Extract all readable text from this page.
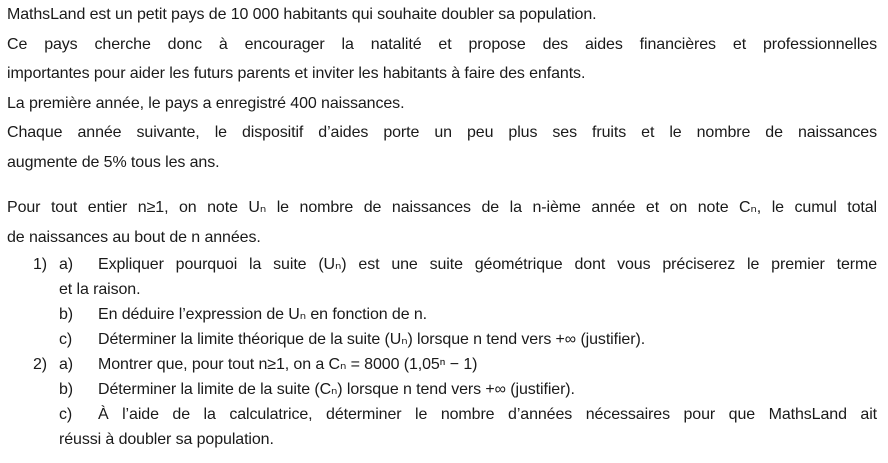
MathsLand est un petit pays de 10 000 habitants qui souhaite doubler sa population.
Ce pays cherche donc à encourager la natalité et propose des aides financières et professionnelles
importantes pour aider les futurs parents et inviter les habitants à faire des enfants.
La première année, le pays a enregistré 400 naissances.
Chaque année suivante, le dispositif d’aides porte un peu plus ses fruits et le nombre de naissances
augmente de 5% tous les ans.
Pour tout entier n≥1, on note Uₙ le nombre de naissances de la n-ième année et on note Cₙ, le cumul total
de naissances au bout de n années.
1) a) Expliquer pourquoi la suite (Uₙ) est une suite géométrique dont vous préciserez le premier terme
et la raison.
b) En déduire l’expression de Uₙ en fonction de n.
c) Déterminer la limite théorique de la suite (Uₙ) lorsque n tend vers +∞ (justifier).
2) a) Montrer que, pour tout n≥1, on a Cₙ = 8000 (1,05ⁿ − 1)
b) Déterminer la limite de la suite (Cₙ) lorsque n tend vers +∞ (justifier).
c) À l’aide de la calculatrice, déterminer le nombre d’années nécessaires pour que MathsLand ait
réussi à doubler sa population.
